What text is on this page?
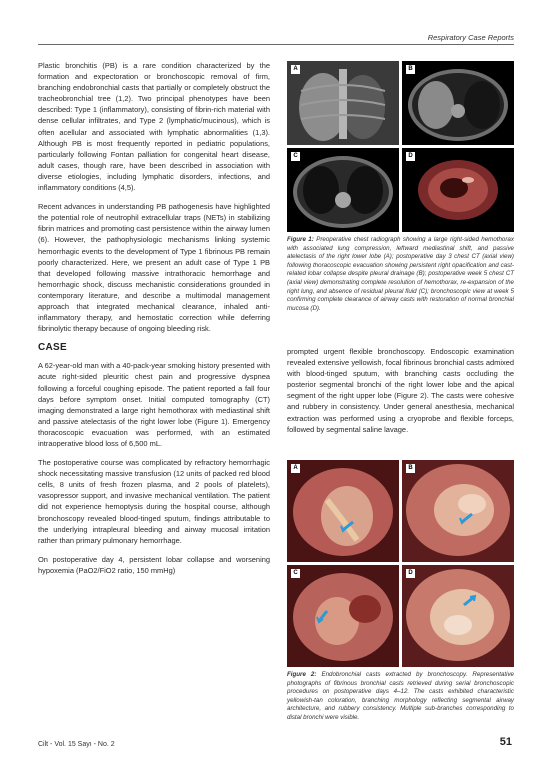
Respiratory Case Reports

Plastic bronchitis (PB) is a rare condition characterized by the formation and expectoration or bronchoscopic removal of firm, branching endobronchial casts that partially or completely obstruct the tracheobronchial tree (1,2). Two principal phenotypes have been described: Type 1 (inflammatory), consisting of fibrin-rich material with dense cellular infiltrates, and Type 2 (lymphatic/mucinous), which is often acellular and associated with lymphatic abnormalities (1,3). Although PB is most frequently reported in pediatric populations, particularly following Fontan palliation for congenital heart disease, adult cases, though rare, have been described in association with diverse etiologies, including lymphatic disorders, infections, and inflammatory conditions (4,5).

Recent advances in understanding PB pathogenesis have highlighted the potential role of neutrophil extracellular traps (NETs) in stabilizing fibrin matrices and promoting cast persistence within the airway lumen (6). However, the pathophysiologic mechanisms linking systemic hemorrhagic events to the development of Type 1 fibrinous PB remain poorly characterized. Here, we present an adult case of Type 1 PB that developed following massive intrathoracic hemorrhage and hemorrhagic shock, discuss mechanistic considerations grounded in contemporary literature, and describe a multimodal management approach that integrated mechanical clearance, inhaled anti-inflammatory therapy, and hemostatic correction while deferring fibrinolytic therapy because of ongoing bleeding risk.

CASE

A 62-year-old man with a 40-pack-year smoking history presented with acute right-sided pleuritic chest pain and progressive dyspnea following a forceful coughing episode. The patient reported a fall four days before symptom onset. Initial computed tomography (CT) imaging demonstrated a large right hemothorax with mediastinal shift and passive atelectasis of the right lower lobe (Figure 1). Emergency thoracoscopic evacuation was performed, with an estimated intraoperative blood loss of 6,500 mL.

The postoperative course was complicated by refractory hemorrhagic shock necessitating massive transfusion (12 units of packed red blood cells, 8 units of fresh frozen plasma, and 2 pools of platelets), vasopressor support, and invasive mechanical ventilation. The patient did not experience hemoptysis during the hospital course, although bronchoscopy revealed blood-tinged sputum, findings attributable to the underlying intrapleural bleeding and airway mucosal irritation rather than primary pulmonary hemorrhage.

On postoperative day 4, persistent lobar collapse and worsening hypoxemia (PaO2/FiO2 ratio, 150 mmHg)

A	B
C	D
Figure 1: Preoperative chest radiograph showing a large right-sided hemothorax with associated lung compression, leftward mediastinal shift, and passive atelectasis of the right lower lobe (A); postoperative day 3 chest CT (axial view) following thoracoscopic evacuation showing persistent right opacification and cast-related lobar collapse despite pleural drainage (B); postoperative week 5 chest CT (axial view) demonstrating complete resolution of hemothorax, re-expansion of the right lung, and absence of residual pleural fluid (C); bronchoscopic view at week 5 confirming complete clearance of airway casts with restoration of normal bronchial mucosa (D).

prompted urgent flexible bronchoscopy. Endoscopic examination revealed extensive yellowish, focal fibrinous bronchial casts admixed with blood-tinged sputum, with branching casts occluding the posterior segmental bronchi of the right lower lobe and the apical segment of the right upper lobe (Figure 2). The casts were cohesive and rubbery in consistency. Under general anesthesia, mechanical extraction was performed using a cryoprobe and flexible forceps, followed by segmental saline lavage.

A	B
C	D
Figure 2: Endobronchial casts extracted by bronchoscopy. Representative photographs of fibrinous bronchial casts retrieved during serial bronchoscopic procedures on postoperative days 4–12. The casts exhibited characteristic yellowish-tan coloration, branching morphology reflecting segmental airway architecture, and rubbery consistency. Multiple sub-branches corresponding to distal bronchi were visible.
Cilt - Vol. 15 Sayı - No. 2	51
